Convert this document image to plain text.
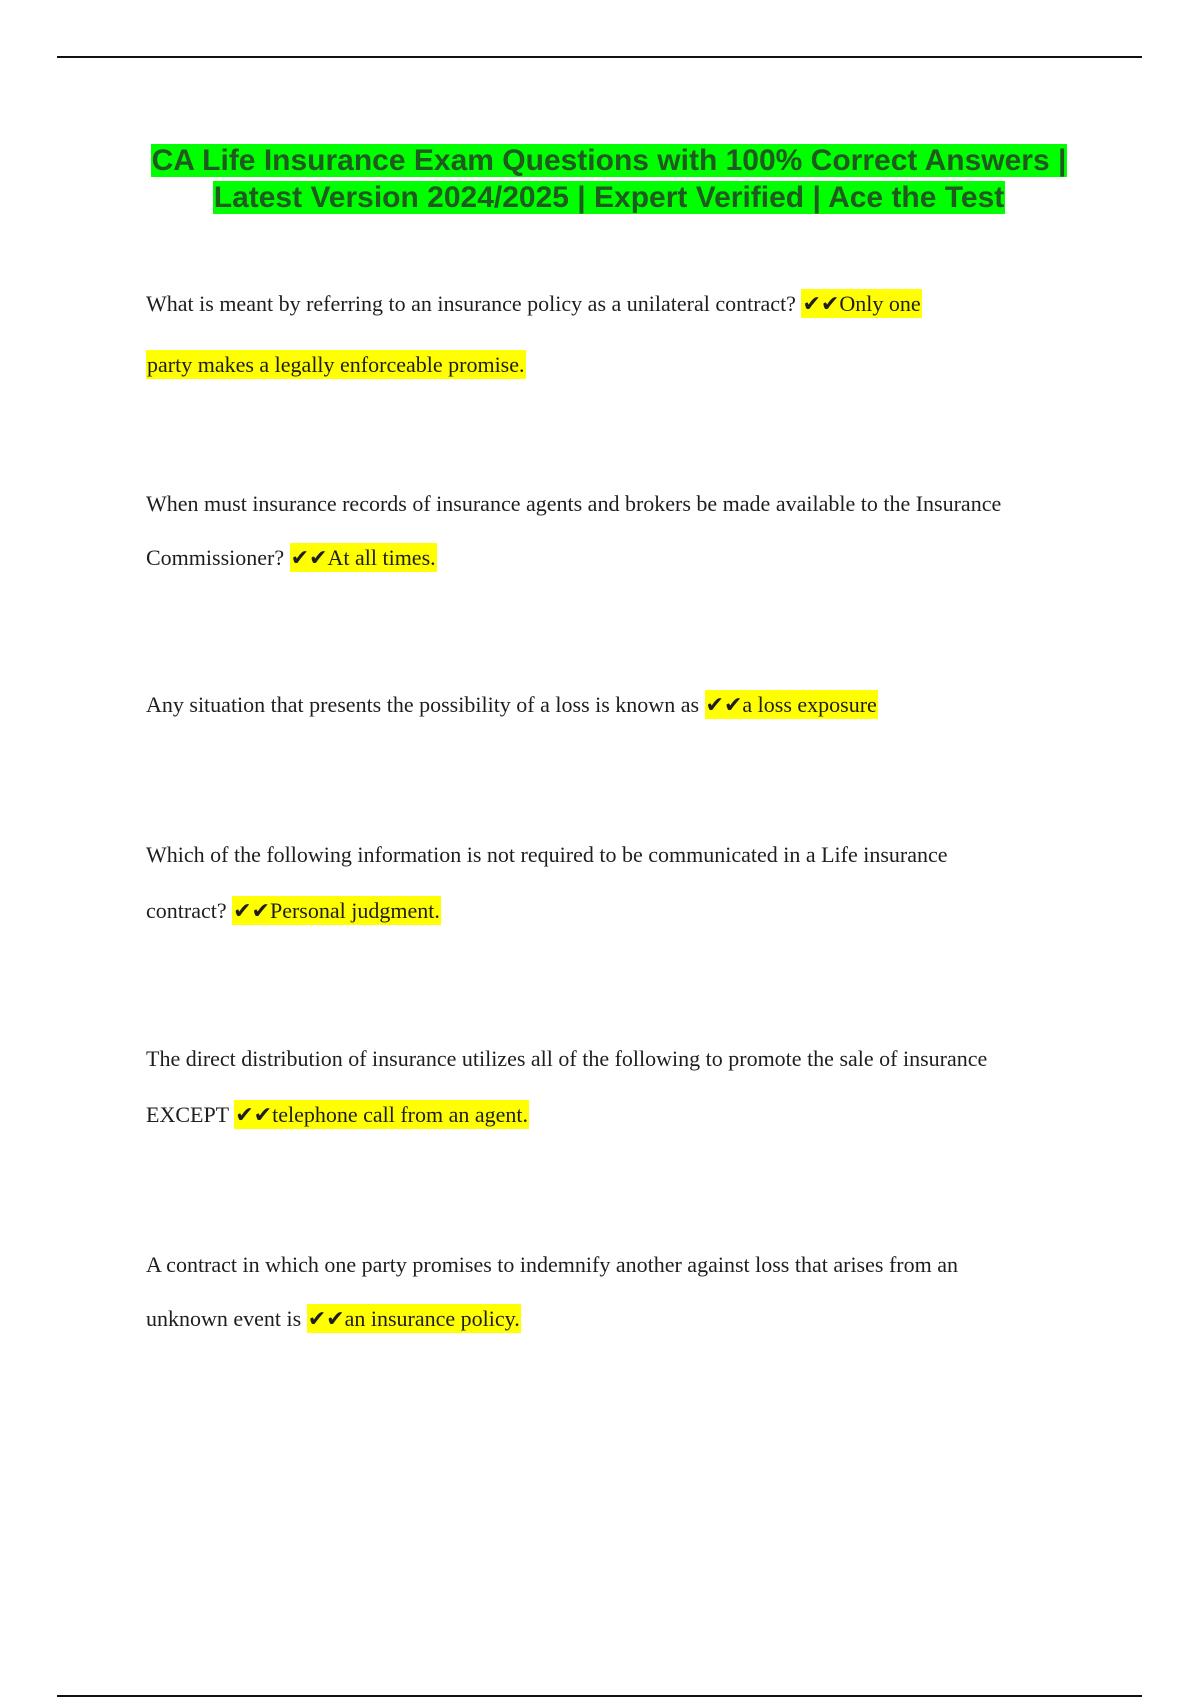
CA Life Insurance Exam Questions with 100% Correct Answers | Latest Version 2024/2025 | Expert Verified | Ace the Test
What is meant by referring to an insurance policy as a unilateral contract? ✔✔Only one
party makes a legally enforceable promise.
When must insurance records of insurance agents and brokers be made available to the Insurance
Commissioner? ✔✔At all times.
Any situation that presents the possibility of a loss is known as ✔✔a loss exposure
Which of the following information is not required to be communicated in a Life insurance
contract? ✔✔Personal judgment.
The direct distribution of insurance utilizes all of the following to promote the sale of insurance
EXCEPT ✔✔telephone call from an agent.
A contract in which one party promises to indemnify another against loss that arises from an
unknown event is ✔✔an insurance policy.
